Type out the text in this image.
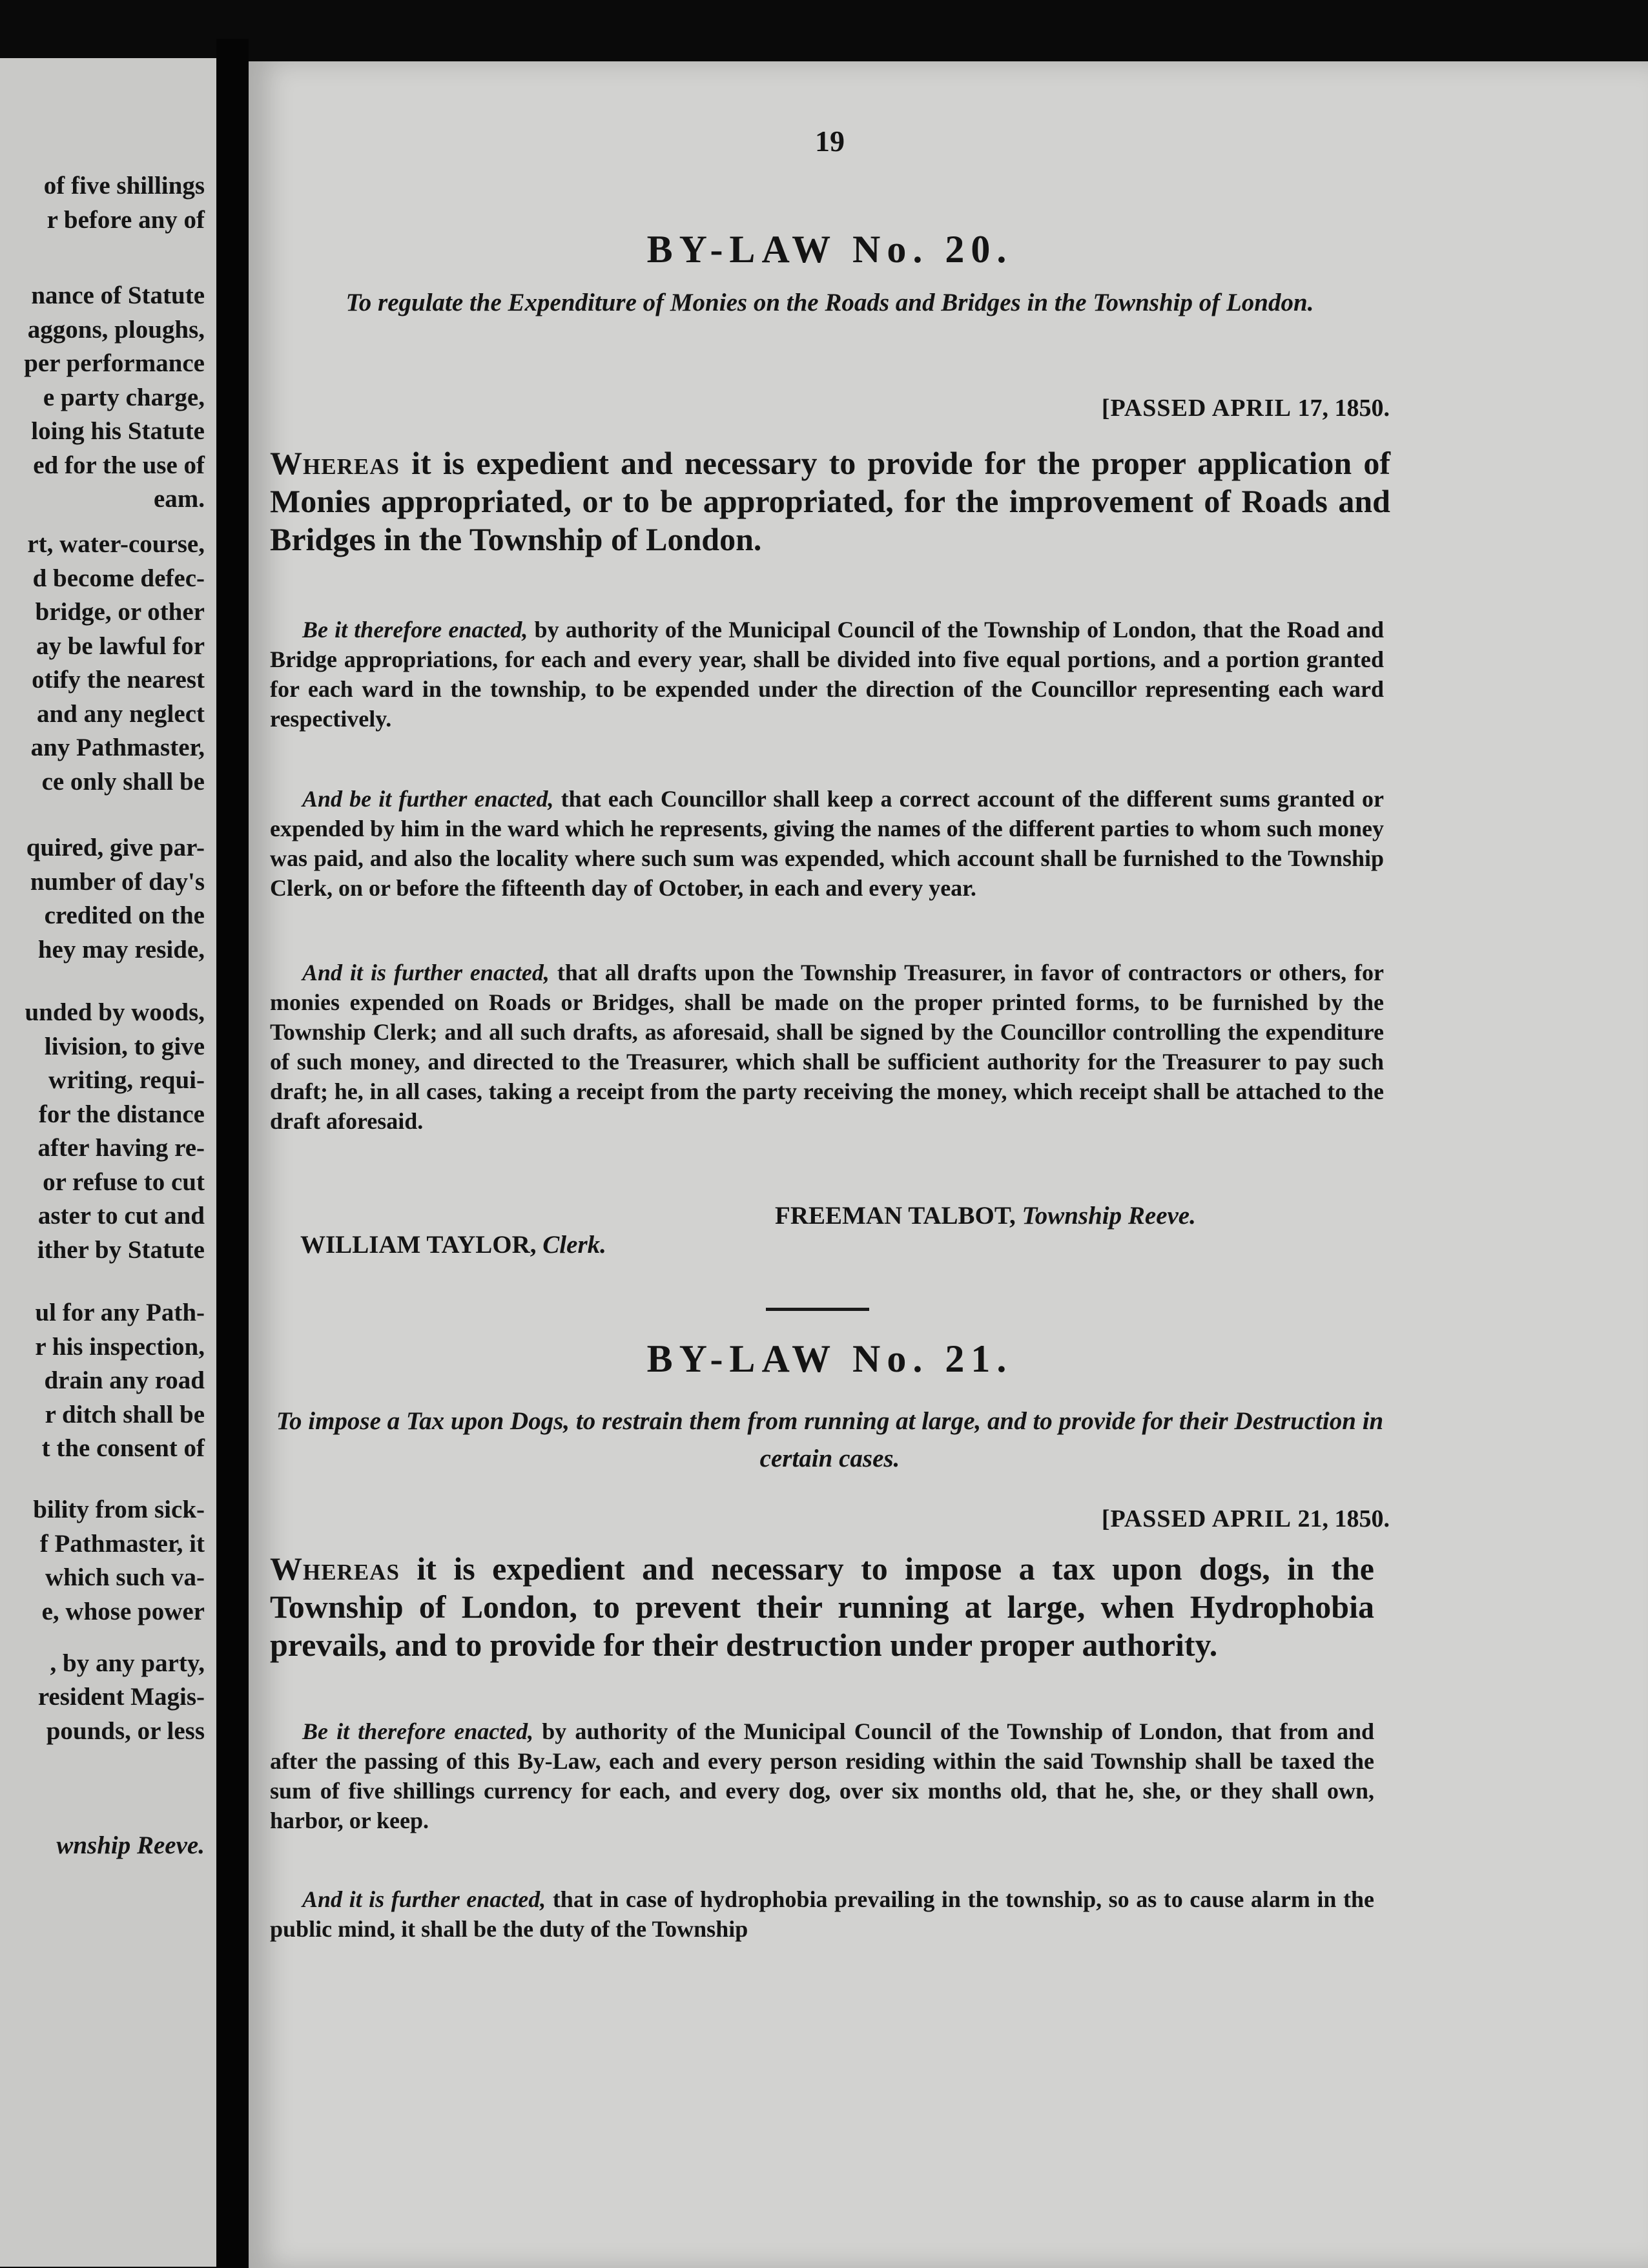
of five shillings
r before any of
nance of Statute
aggons, ploughs,
per performance
e party charge,
loing his Statute
ed for the use of
eam.
rt, water-course,
d become defec-
bridge, or other
ay be lawful for
otify the nearest
and any neglect
any Pathmaster,
ce only shall be
quired, give par-
number of day's
credited on the
hey may reside,
unded by woods,
livision, to give
writing, requi-
for the distance
after having re-
or refuse to cut
aster to cut and
ither by Statute
ul for any Path-
r his inspection,
drain any road
r ditch shall be
t the consent of
bility from sick-
f Pathmaster, it
which such va-
e, whose power
, by any party,
resident Magis-
pounds, or less
wnship Reeve.
19
BY-LAW No. 20.
To regulate the Expenditure of Monies on the Roads and Bridges in the Township of London.
[PASSED APRIL 17, 1850.
Whereas it is expedient and necessary to provide for the proper application of Monies appropriated, or to be appropriated, for the improvement of Roads and Bridges in the Township of London.
Be it therefore enacted, by authority of the Municipal Council of the Township of London, that the Road and Bridge appropriations, for each and every year, shall be divided into five equal portions, and a portion granted for each ward in the township, to be expended under the direction of the Councillor representing each ward respectively.
And be it further enacted, that each Councillor shall keep a correct account of the different sums granted or expended by him in the ward which he represents, giving the names of the different parties to whom such money was paid, and also the locality where such sum was expended, which account shall be furnished to the Township Clerk, on or before the fifteenth day of October, in each and every year.
And it is further enacted, that all drafts upon the Township Treasurer, in favor of contractors or others, for monies expended on Roads or Bridges, shall be made on the proper printed forms, to be furnished by the Township Clerk; and all such drafts, as aforesaid, shall be signed by the Councillor controlling the expenditure of such money, and directed to the Treasurer, which shall be sufficient authority for the Treasurer to pay such draft; he, in all cases, taking a receipt from the party receiving the money, which receipt shall be attached to the draft aforesaid.
FREEMAN TALBOT, Township Reeve.
WILLIAM TAYLOR, Clerk.
BY-LAW No. 21.
To impose a Tax upon Dogs, to restrain them from running at large, and to provide for their Destruction in certain cases.
[PASSED APRIL 21, 1850.
Whereas it is expedient and necessary to impose a tax upon dogs, in the Township of London, to prevent their running at large, when Hydrophobia prevails, and to provide for their destruction under proper authority.
Be it therefore enacted, by authority of the Municipal Council of the Township of London, that from and after the passing of this By-Law, each and every person residing within the said Township shall be taxed the sum of five shillings currency for each, and every dog, over six months old, that he, she, or they shall own, harbor, or keep.
And it is further enacted, that in case of hydrophobia prevailing in the township, so as to cause alarm in the public mind, it shall be the duty of the Township
